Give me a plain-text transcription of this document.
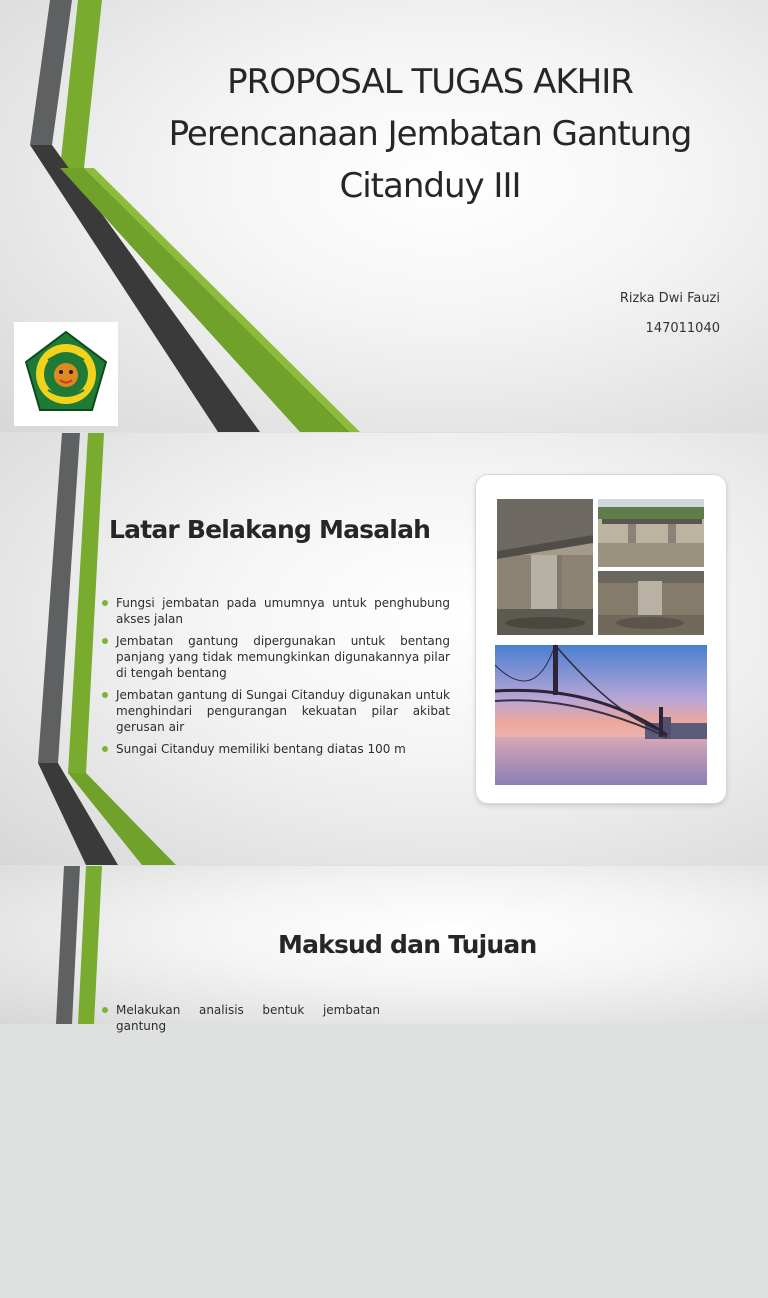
PROPOSAL TUGAS AKHIR
Perencanaan Jembatan Gantung
Citanduy III
Rizka Dwi Fauzi
147011040
Latar Belakang Masalah
Fungsi jembatan pada umumnya untuk penghubung akses jalan
Jembatan gantung dipergunakan untuk bentang panjang yang tidak memungkinkan digunakannya pilar di tengah bentang
Jembatan gantung di Sungai Citanduy digunakan untuk menghindari pengurangan kekuatan pilar akibat gerusan air
Sungai Citanduy memiliki bentang diatas 100 m
Maksud dan Tujuan
Melakukan analisis bentuk jembatan gantung
